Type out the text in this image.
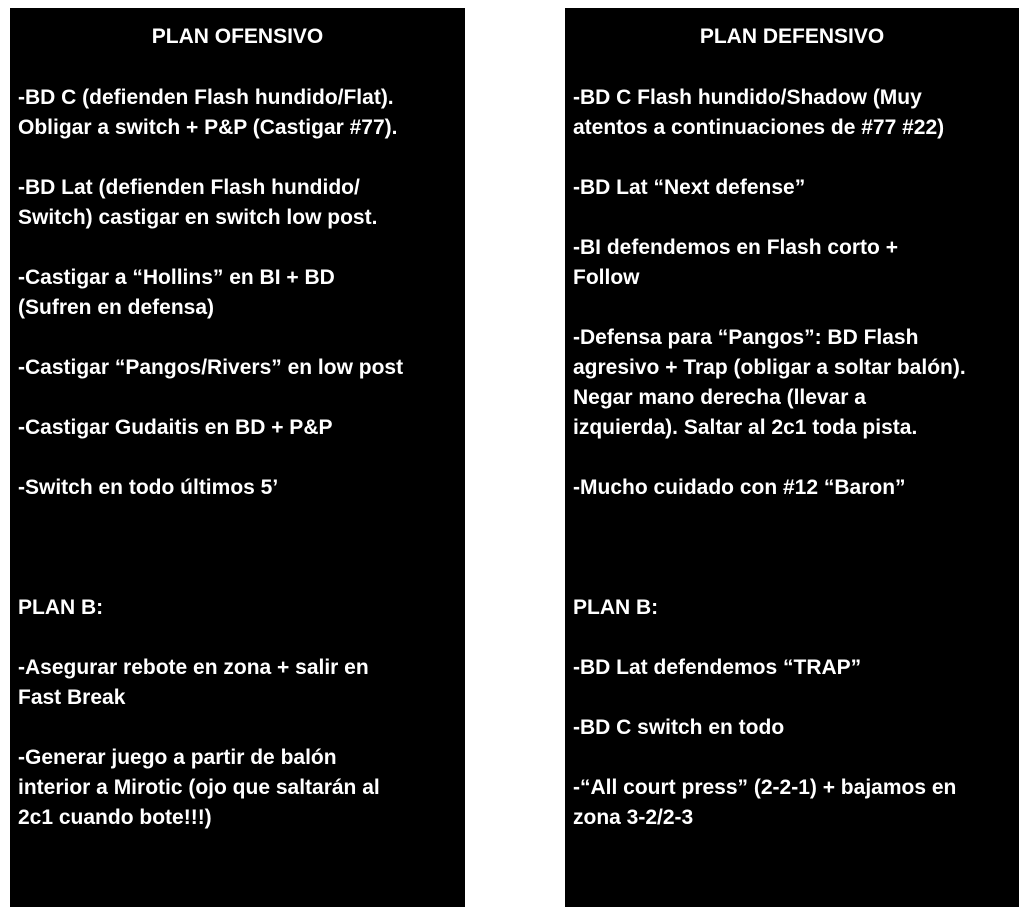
PLAN OFENSIVO
-BD C (defienden Flash hundido/Flat).
Obligar a switch + P&P (Castigar #77).
-BD Lat (defienden Flash hundido/
Switch) castigar en switch low post.
-Castigar a “Hollins” en BI + BD
(Sufren en defensa)
-Castigar “Pangos/Rivers” en low post
-Castigar Gudaitis en BD + P&P
-Switch en todo últimos 5’
PLAN B:
-Asegurar rebote en zona + salir en
Fast Break
-Generar juego a partir de balón
interior a Mirotic (ojo que saltarán al
2c1 cuando bote!!!)
PLAN DEFENSIVO
-BD C Flash hundido/Shadow (Muy
atentos a continuaciones de #77 #22)
-BD Lat “Next defense”
-BI defendemos en Flash corto +
Follow
-Defensa para “Pangos”: BD Flash
agresivo + Trap (obligar a soltar balón).
Negar mano derecha (llevar a
izquierda). Saltar al 2c1 toda pista.
-Mucho cuidado con #12 “Baron”
PLAN B:
-BD Lat defendemos “TRAP”
-BD C switch en todo
-“All court press” (2-2-1) + bajamos en
zona 3-2/2-3
